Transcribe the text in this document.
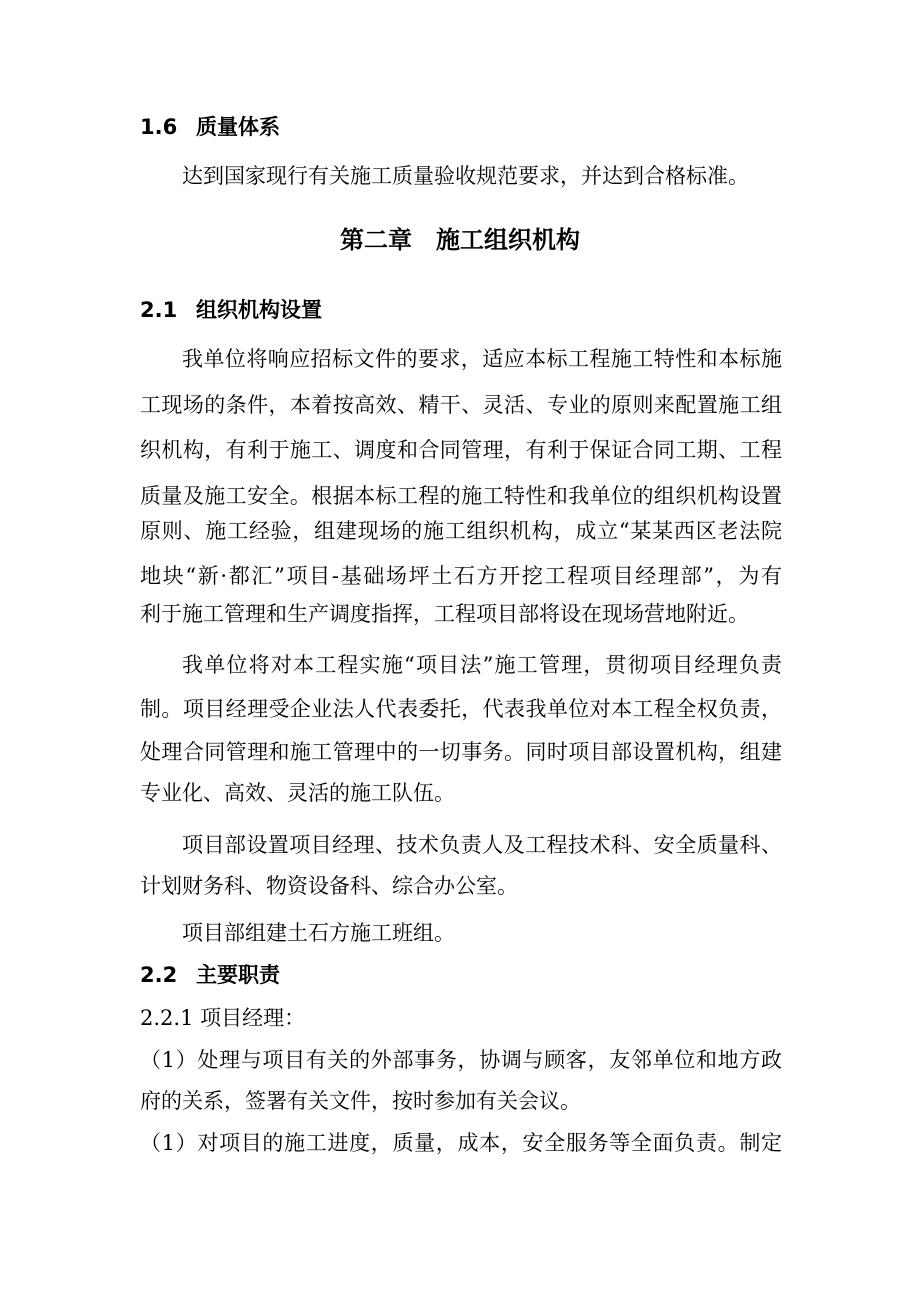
1.6 质量体系
达到国家现行有关施工质量验收规范要求，并达到合格标准。
第二章　施工组织机构
2.1 组织机构设置
我单位将响应招标文件的要求，适应本标工程施工特性和本标施
工现场的条件，本着按高效、精干、灵活、专业的原则来配置施工组
织机构，有利于施工、调度和合同管理，有利于保证合同工期、工程
质量及施工安全。根据本标工程的施工特性和我单位的组织机构设置
原则、施工经验，组建现场的施工组织机构，成立“某某西区老法院
地块“新·都汇”项目-基础场坪土石方开挖工程项目经理部”，为有
利于施工管理和生产调度指挥，工程项目部将设在现场营地附近。
我单位将对本工程实施“项目法”施工管理，贯彻项目经理负责
制。项目经理受企业法人代表委托，代表我单位对本工程全权负责，
处理合同管理和施工管理中的一切事务。同时项目部设置机构，组建
专业化、高效、灵活的施工队伍。
项目部设置项目经理、技术负责人及工程技术科、安全质量科、
计划财务科、物资设备科、综合办公室。
项目部组建土石方施工班组。
2.2 主要职责
2.2.1 项目经理：
（1）处理与项目有关的外部事务，协调与顾客，友邻单位和地方政
府的关系，签署有关文件，按时参加有关会议。
（1）对项目的施工进度，质量，成本，安全服务等全面负责。制定
